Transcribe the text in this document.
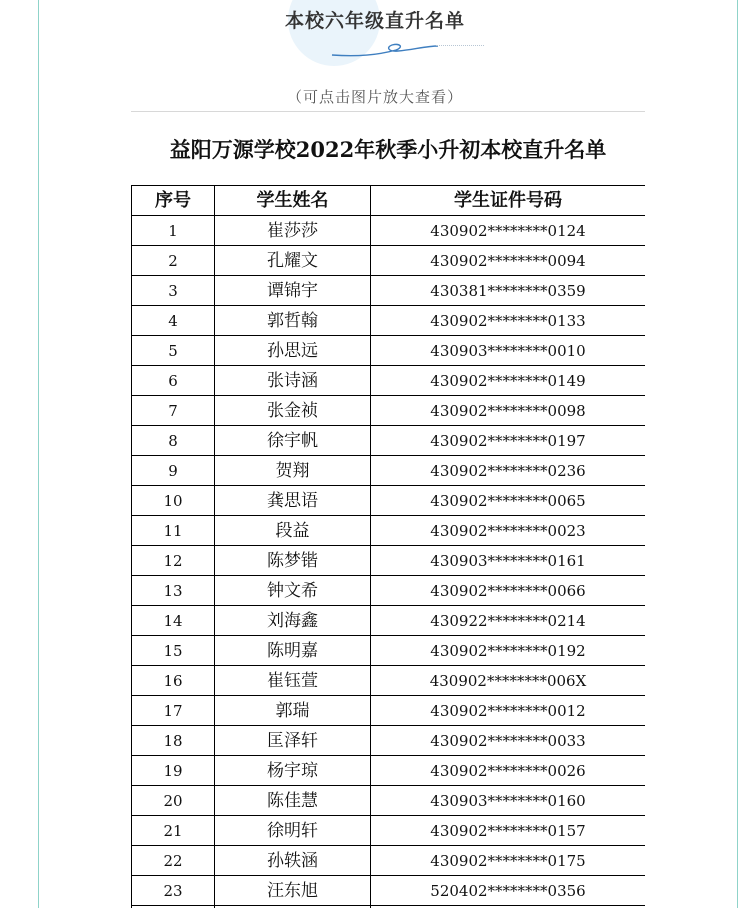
本校六年级直升名单
（可点击图片放大查看）
益阳万源学校2022年秋季小升初本校直升名单
序号	学生姓名	学生证件号码
1	崔莎莎	430902********0124
2	孔耀文	430902********0094
3	谭锦宇	430381********0359
4	郭哲翰	430902********0133
5	孙思远	430903********0010
6	张诗涵	430902********0149
7	张金祯	430902********0098
8	徐宇帆	430902********0197
9	贺翔	430902********0236
10	龚思语	430902********0065
11	段益	430902********0023
12	陈梦锴	430903********0161
13	钟文希	430902********0066
14	刘海鑫	430922********0214
15	陈明嘉	430902********0192
16	崔钰萱	430902********006X
17	郭瑞	430902********0012
18	匡泽轩	430902********0033
19	杨宇琼	430902********0026
20	陈佳慧	430903********0160
21	徐明轩	430902********0157
22	孙轶涵	430902********0175
23	汪东旭	520402********0356
